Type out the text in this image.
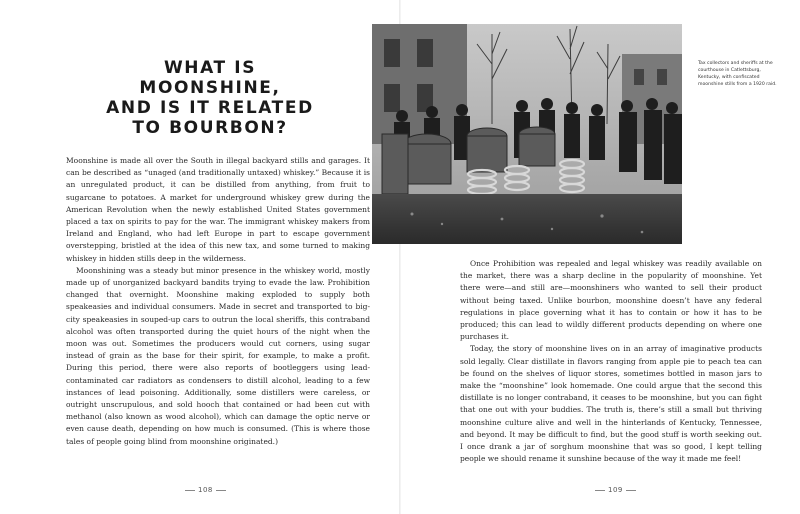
WHAT IS MOONSHINE,
AND IS IT RELATED
TO BOURBON?

Moonshine is made all over the South in illegal backyard stills and garages. It can be described as “unaged (and traditionally untaxed) whiskey.” Because it is an unregulated product, it can be distilled from anything, from fruit to sugarcane to potatoes. A market for underground whiskey grew during the American Revolution when the newly established United States government placed a tax on spirits to pay for the war. The immigrant whiskey makers from Ireland and England, who had left Europe in part to escape government overstepping, bristled at the idea of this new tax, and some turned to making whiskey in hidden stills deep in the wilderness.

Moonshining was a steady but minor presence in the whiskey world, mostly made up of unorganized backyard bandits trying to evade the law. Prohibition changed that overnight. Moonshine making exploded to supply both speakeasies and individual consumers. Made in secret and transported to big-city speakeasies in souped-up cars to outrun the local sheriffs, this contraband alcohol was often transported during the quiet hours of the night when the moon was out. Sometimes the producers would cut corners, using sugar instead of grain as the base for their spirit, for example, to make a profit. During this period, there were also reports of bootleggers using lead-contaminated car radiators as condensers to distill alcohol, leading to a few instances of lead poisoning. Additionally, some distillers were careless, or outright unscrupulous, and sold hooch that contained or had been cut with methanol (also known as wood alcohol), which can damage the optic nerve or even cause death, depending on how much is consumed. (This is where those tales of people going blind from moonshine originated.)

108

Tax collectors and sheriffs at the courthouse in Catlettsburg, Kentucky, with confiscated moonshine stills from a 1920 raid.

Once Prohibition was repealed and legal whiskey was readily available on the market, there was a sharp decline in the popularity of moonshine. Yet there were—and still are—moonshiners who wanted to sell their product without being taxed. Unlike bourbon, moonshine doesn’t have any federal regulations in place governing what it has to contain or how it has to be produced; this can lead to wildly different products depending on where one purchases it.

Today, the story of moonshine lives on in an array of imaginative products sold legally. Clear distillate in flavors ranging from apple pie to peach tea can be found on the shelves of liquor stores, sometimes bottled in mason jars to make the “moonshine” look homemade. One could argue that the second this distillate is no longer contraband, it ceases to be moonshine, but you can fight that one out with your buddies. The truth is, there’s still a small but thriving moonshine culture alive and well in the hinterlands of Kentucky, Tennessee, and beyond. It may be difficult to find, but the good stuff is worth seeking out. I once drank a jar of sorghum moonshine that was so good, I kept telling people we should rename it sunshine because of the way it made me feel!

109
